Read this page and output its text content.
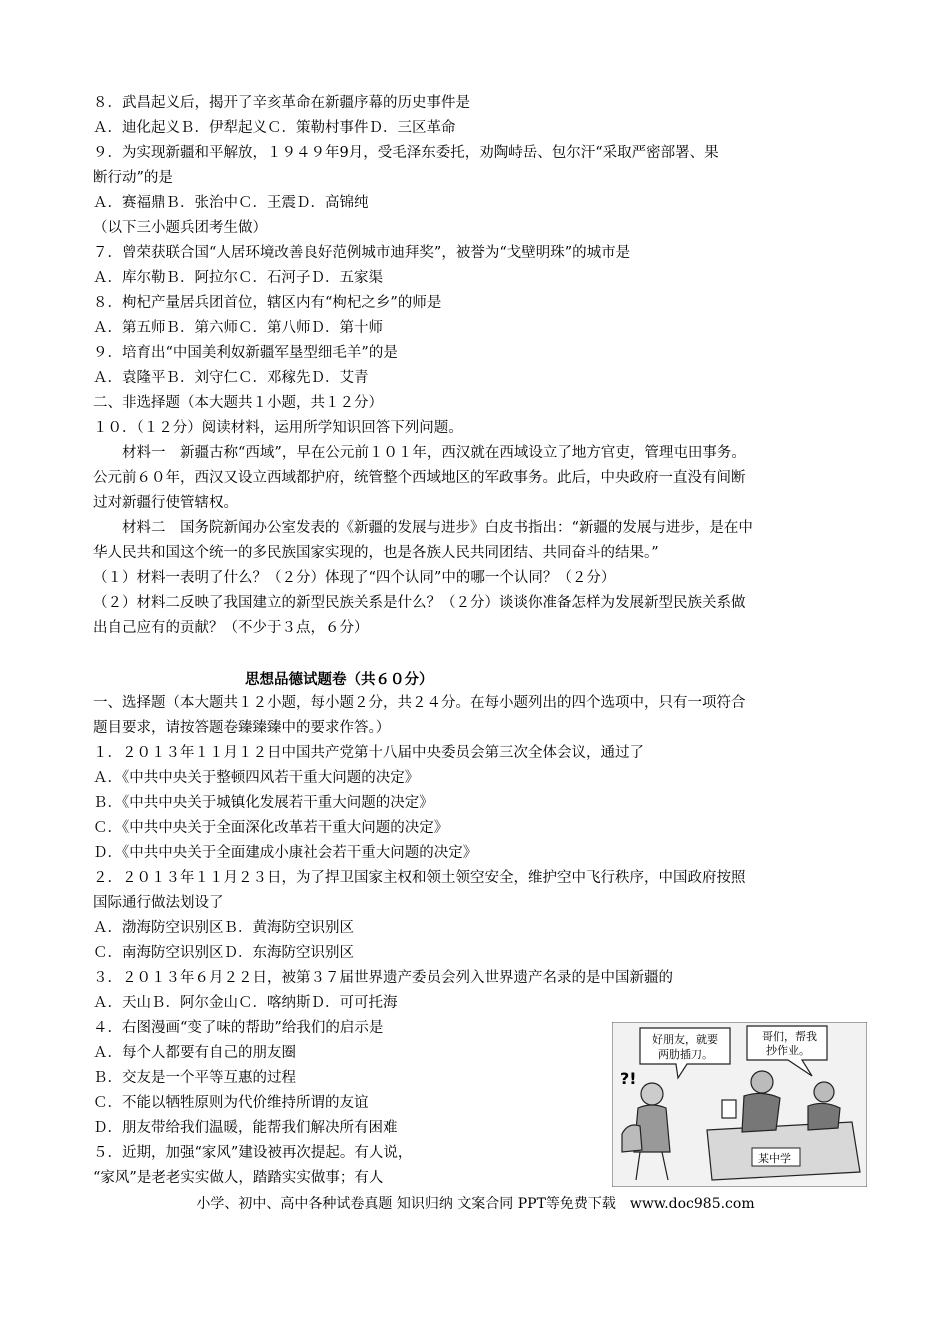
８．武昌起义后，揭开了辛亥革命在新疆序幕的历史事件是
Ａ．迪化起义Ｂ．伊犁起义Ｃ．策勒村事件Ｄ．三区革命
９．为实现新疆和平解放，１９４９年9月，受毛泽东委托，劝陶峙岳、包尔汗“采取严密部署、果
断行动”的是
Ａ．赛福鼎Ｂ．张治中Ｃ．王震Ｄ．高锦纯
（以下三小题兵团考生做）
７．曾荣获联合国“人居环境改善良好范例城市迪拜奖”，被誉为“戈壁明珠”的城市是
Ａ．库尔勒Ｂ．阿拉尔Ｃ．石河子Ｄ．五家渠
８．枸杞产量居兵团首位，辖区内有“枸杞之乡”的师是
Ａ．第五师Ｂ．第六师Ｃ．第八师Ｄ．第十师
９．培育出“中国美利奴新疆军垦型细毛羊”的是
Ａ．袁隆平Ｂ．刘守仁Ｃ．邓稼先Ｄ．艾青
二、非选择题（本大题共１小题，共１２分）
１０．（１２分）阅读材料，运用所学知识回答下列问题。
材料一　新疆古称“西域”，早在公元前１０１年，西汉就在西域设立了地方官吏，管理屯田事务。
公元前６０年，西汉又设立西域都护府，统管整个西域地区的军政事务。此后，中央政府一直没有间断
过对新疆行使管辖权。
材料二　国务院新闻办公室发表的《新疆的发展与进步》白皮书指出：“新疆的发展与进步，是在中
华人民共和国这个统一的多民族国家实现的，也是各族人民共同团结、共同奋斗的结果。”
（１）材料一表明了什么？（２分）体现了“四个认同”中的哪一个认同？（２分）
（２）材料二反映了我国建立的新型民族关系是什么？（２分）谈谈你准备怎样为发展新型民族关系做
出自己应有的贡献？（不少于３点，６分）
思想品德试题卷（共６０分）
一、选择题（本大题共１２小题，每小题２分，共２４分。在每小题列出的四个选项中，只有一项符合
题目要求，请按答题卷臻臻臻中的要求作答。）
１．２０１３年１１月１２日中国共产党第十八届中央委员会第三次全体会议，通过了
Ａ．《中共中央关于整顿四风若干重大问题的决定》
Ｂ．《中共中央关于城镇化发展若干重大问题的决定》
Ｃ．《中共中央关于全面深化改革若干重大问题的决定》
Ｄ．《中共中央关于全面建成小康社会若干重大问题的决定》
２．２０１３年１１月２３日，为了捍卫国家主权和领土领空安全，维护空中飞行秩序，中国政府按照
国际通行做法划设了
Ａ．渤海防空识别区Ｂ．黄海防空识别区
Ｃ．南海防空识别区Ｄ．东海防空识别区
３．２０１３年６月２２日，被第３７届世界遗产委员会列入世界遗产名录的是中国新疆的
Ａ．天山Ｂ．阿尔金山Ｃ．喀纳斯Ｄ．可可托海
４．右图漫画“变了味的帮助”给我们的启示是
Ａ．每个人都要有自己的朋友圈
Ｂ．交友是一个平等互惠的过程
Ｃ．不能以牺牲原则为代价维持所谓的友谊
Ｄ．朋友带给我们温暖，能帮我们解决所有困难
５．近期，加强“家风”建设被再次提起。有人说，
“家风”是老老实实做人，踏踏实实做事；有人
好朋友，就要
两肋插刀。
哥们，帮我
抄作业。
?!
某中学
小学、初中、高中各种试卷真题 知识归纳 文案合同 PPT等免费下载　www.doc985.com
